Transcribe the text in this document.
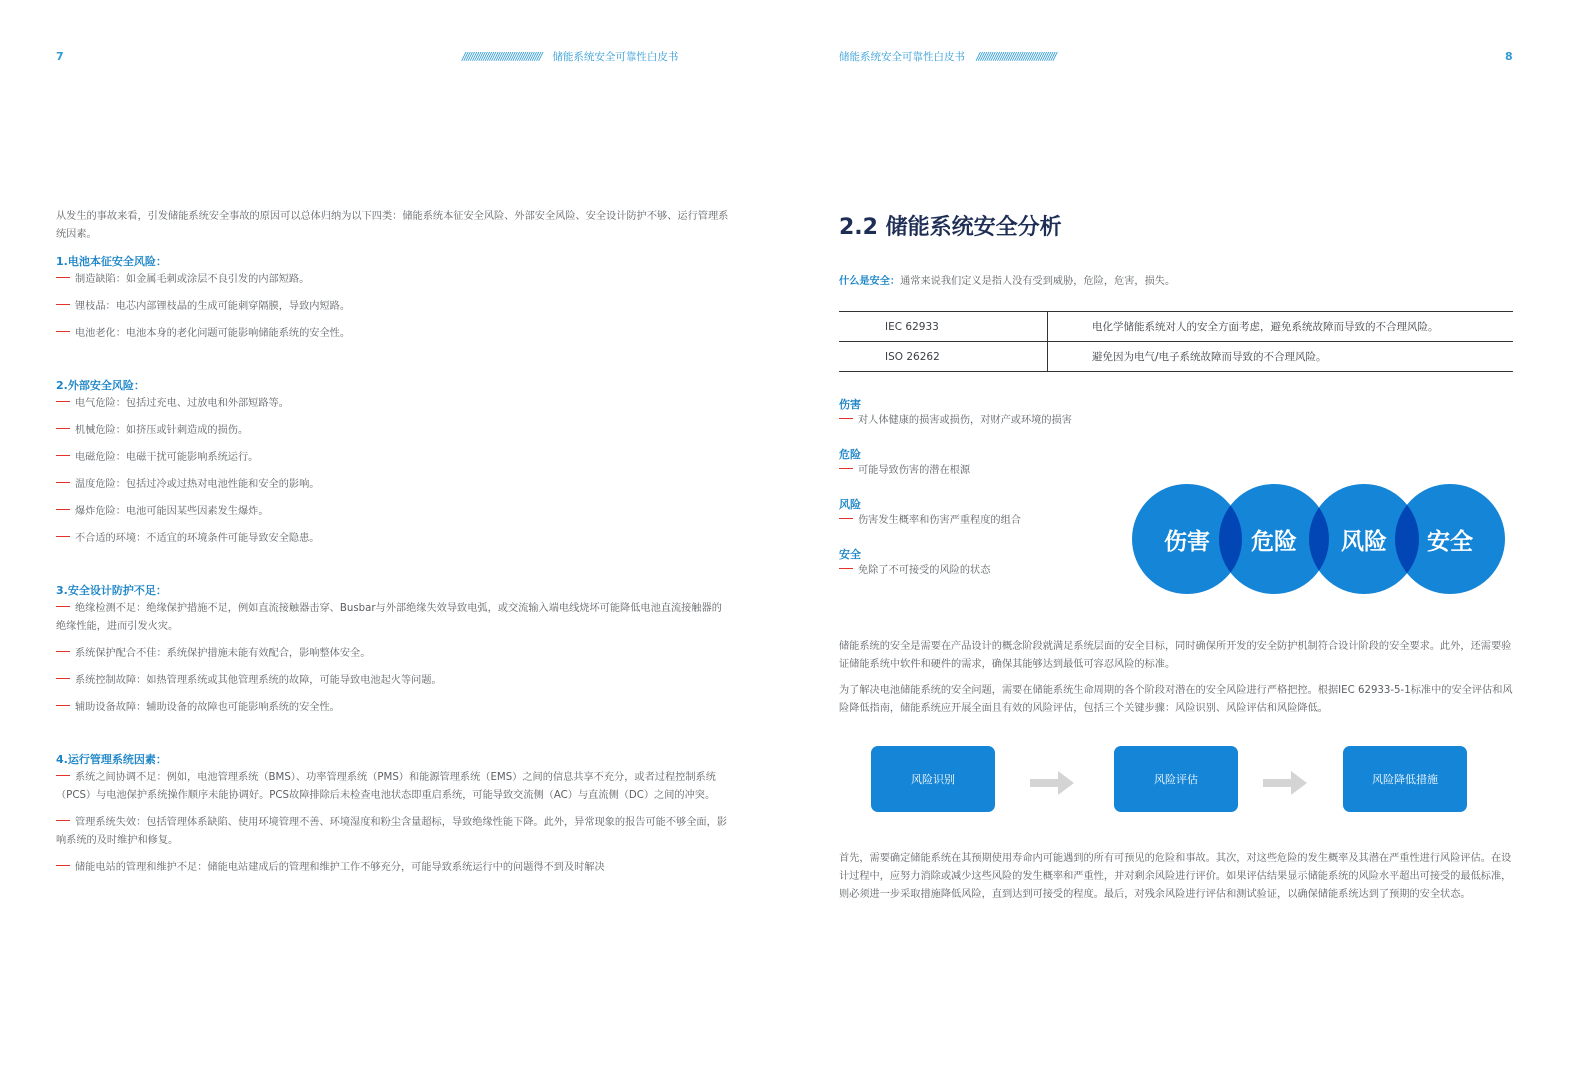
7	///////////////////////////////////// 储能系统安全可靠性白皮书
从发生的事故来看，引发储能系统安全事故的原因可以总体归纳为以下四类：储能系统本征安全风险、外部安全风险、安全设计防护不够、运行管理系统因素。
1.电池本征安全风险：
制造缺陷：如金属毛刺或涂层不良引发的内部短路。
锂枝晶：电芯内部锂枝晶的生成可能刺穿隔膜，导致内短路。
电池老化：电池本身的老化问题可能影响储能系统的安全性。
2.外部安全风险：
电气危险：包括过充电、过放电和外部短路等。
机械危险：如挤压或针刺造成的损伤。
电磁危险：电磁干扰可能影响系统运行。
温度危险：包括过冷或过热对电池性能和安全的影响。
爆炸危险：电池可能因某些因素发生爆炸。
不合适的环境：不适宜的环境条件可能导致安全隐患。
3.安全设计防护不足：
绝缘检测不足：绝缘保护措施不足，例如直流接触器击穿、Busbar与外部绝缘失效导致电弧，或交流输入端电线烧坏可能降低电池直流接触器的绝缘性能，进而引发火灾。
系统保护配合不佳：系统保护措施未能有效配合，影响整体安全。
系统控制故障：如热管理系统或其他管理系统的故障，可能导致电池起火等问题。
辅助设备故障：辅助设备的故障也可能影响系统的安全性。
4.运行管理系统因素：
系统之间协调不足：例如，电池管理系统（BMS）、功率管理系统（PMS）和能源管理系统（EMS）之间的信息共享不充分，或者过程控制系统（PCS）与电池保护系统操作顺序未能协调好。PCS故障排除后未检查电池状态即重启系统，可能导致交流侧（AC）与直流侧（DC）之间的冲突。
管理系统失效：包括管理体系缺陷、使用环境管理不善、环境湿度和粉尘含量超标，导致绝缘性能下降。此外，异常现象的报告可能不够全面，影响系统的及时维护和修复。
储能电站的管理和维护不足：储能电站建成后的管理和维护工作不够充分，可能导致系统运行中的问题得不到及时解决
储能系统安全可靠性白皮书 /////////////////////////////////////	8
2.2 储能系统安全分析
什么是安全：通常来说我们定义是指人没有受到威胁，危险，危害，损失。
IEC 62933	电化学储能系统对人的安全方面考虑，避免系统故障而导致的不合理风险。
ISO 26262	避免因为电气/电子系统故障而导致的不合理风险。
伤害
对人体健康的损害或损伤，对财产或环境的损害
危险
可能导致伤害的潜在根源
风险
伤害发生概率和伤害严重程度的组合
安全
免除了不可接受的风险的状态
伤害 危险 风险 安全
储能系统的安全是需要在产品设计的概念阶段就满足系统层面的安全目标，同时确保所开发的安全防护机制符合设计阶段的安全要求。此外，还需要验证储能系统中软件和硬件的需求，确保其能够达到最低可容忍风险的标准。
为了解决电池储能系统的安全问题，需要在储能系统生命周期的各个阶段对潜在的安全风险进行严格把控。根据IEC 62933-5-1标准中的安全评估和风险降低指南，储能系统应开展全面且有效的风险评估，包括三个关键步骤：风险识别、风险评估和风险降低。
风险识别	风险评估	风险降低措施
首先，需要确定储能系统在其预期使用寿命内可能遇到的所有可预见的危险和事故。其次，对这些危险的发生概率及其潜在严重性进行风险评估。在设计过程中，应努力消除或减少这些风险的发生概率和严重性，并对剩余风险进行评价。如果评估结果显示储能系统的风险水平超出可接受的最低标准，则必须进一步采取措施降低风险，直到达到可接受的程度。最后，对残余风险进行评估和测试验证，以确保储能系统达到了预期的安全状态。
